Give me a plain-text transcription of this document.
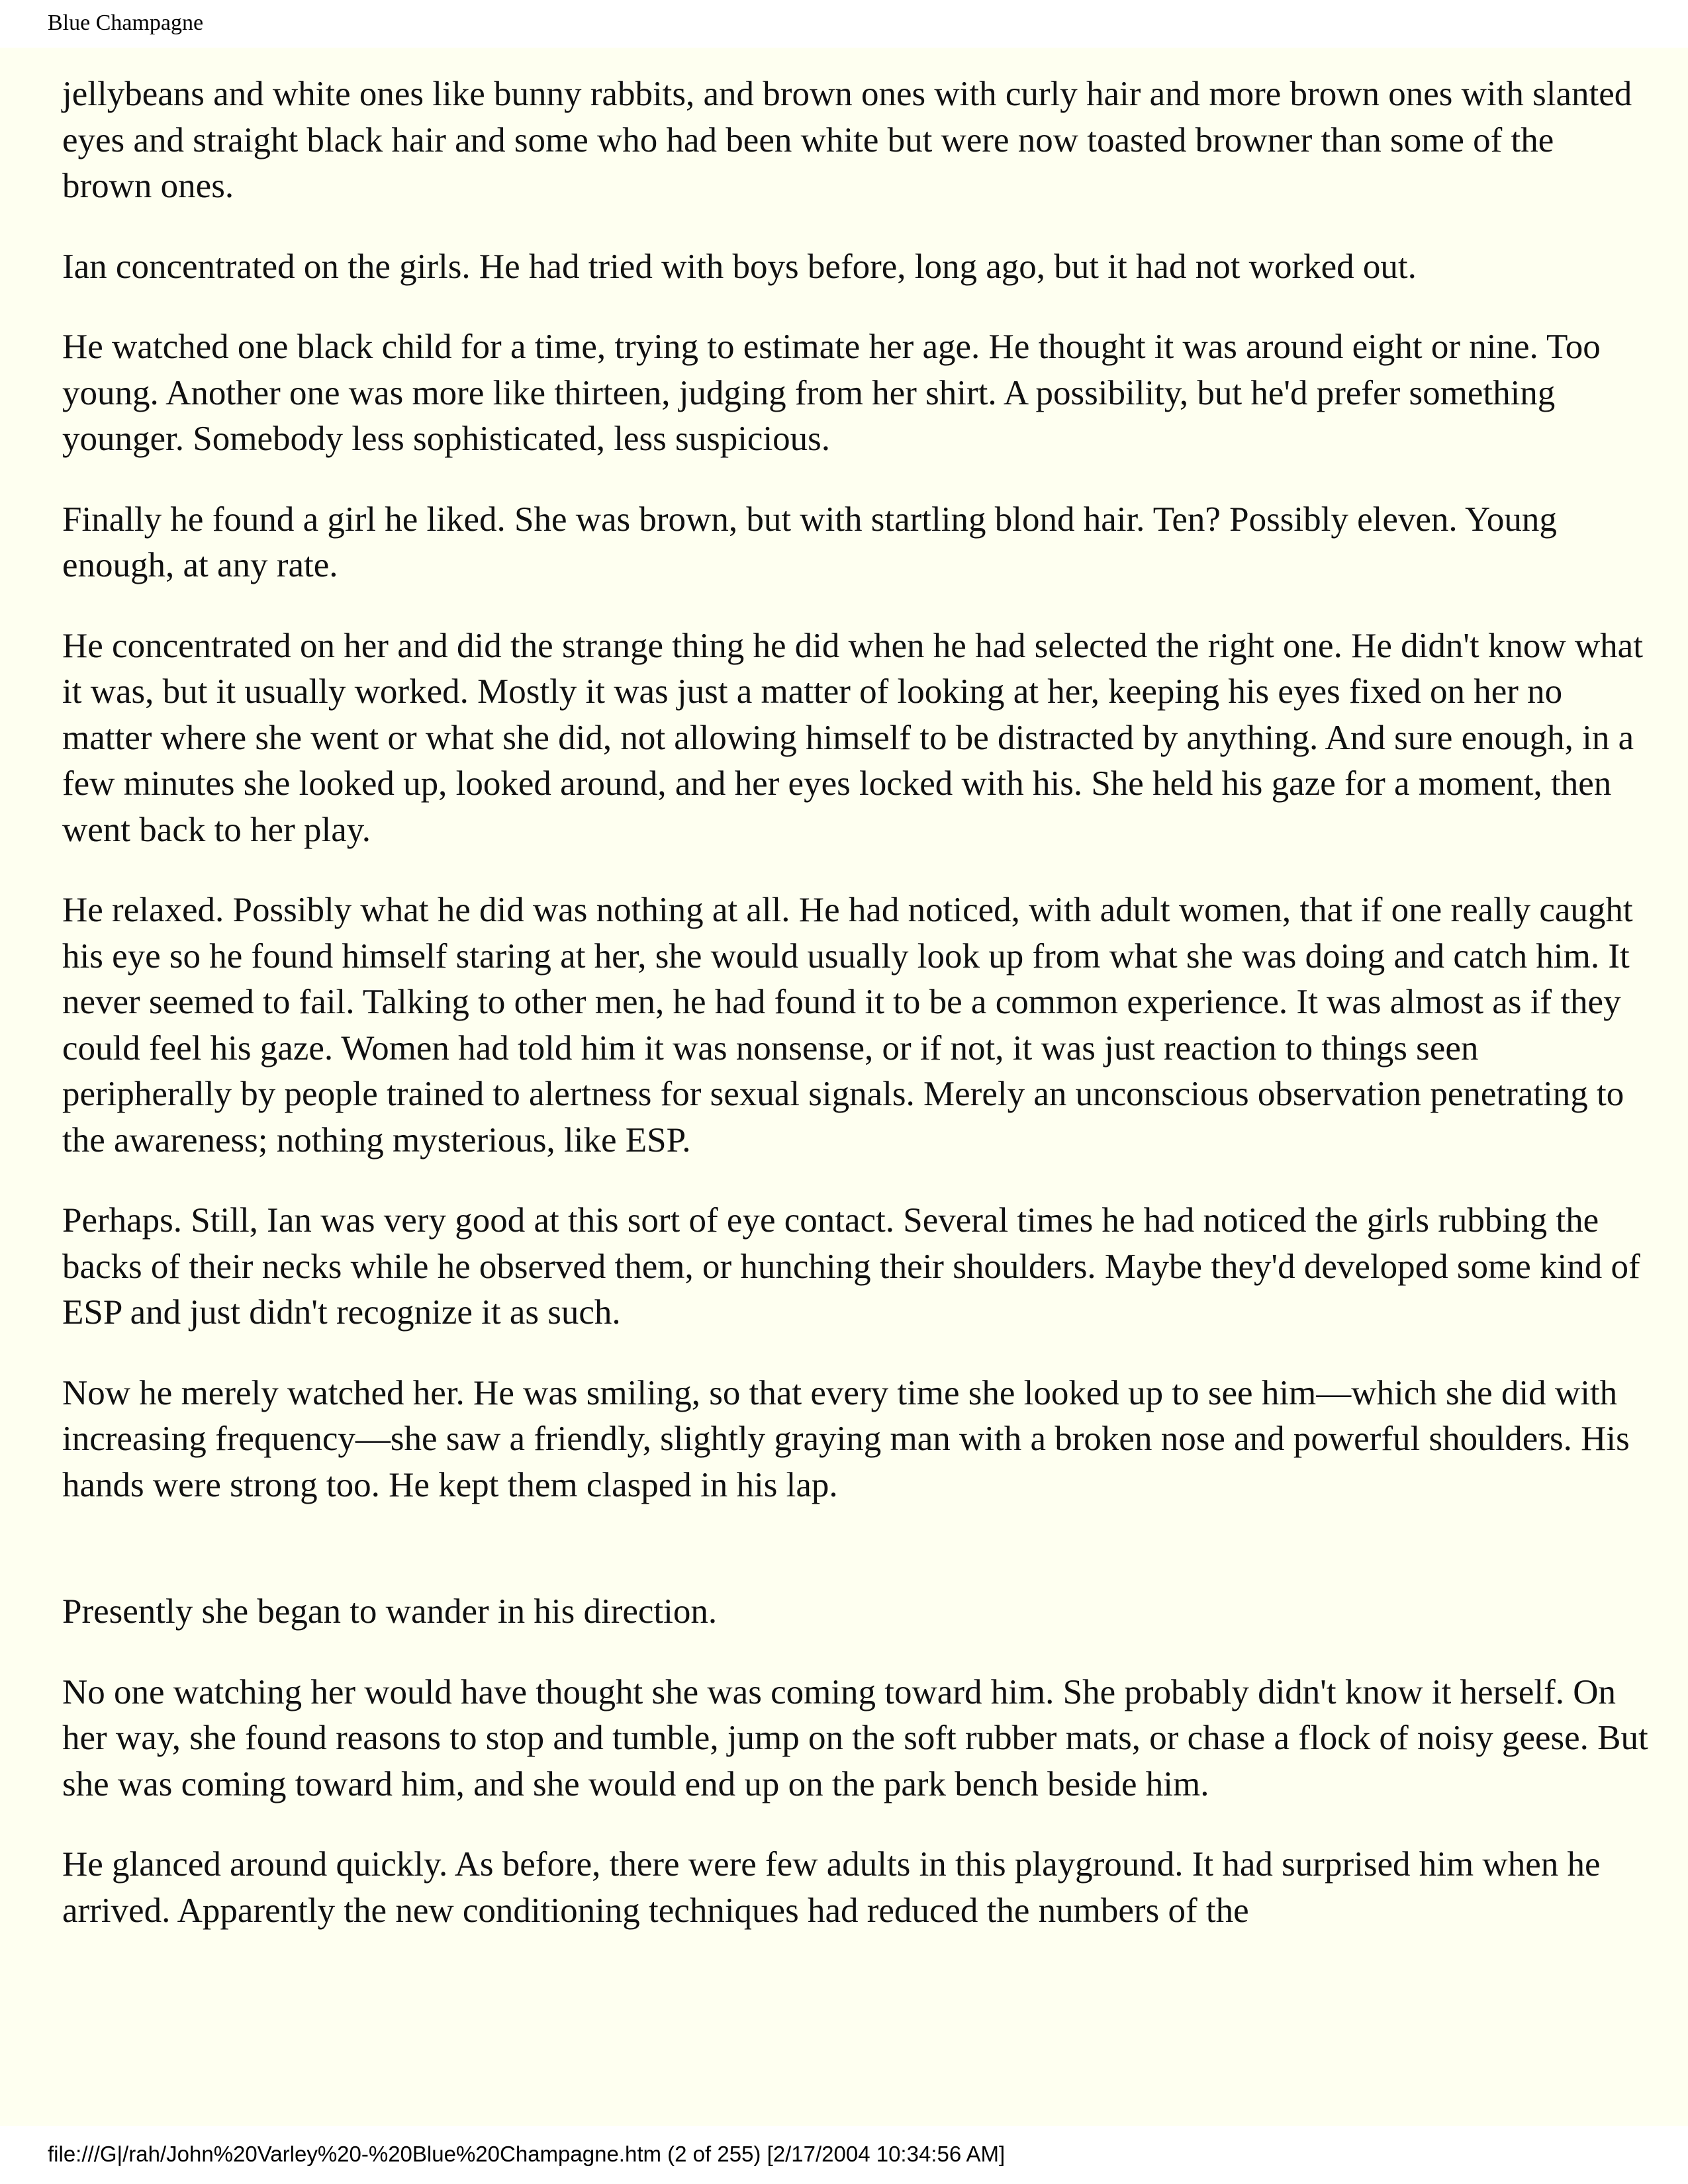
Blue Champagne

jellybeans and white ones like bunny rabbits, and brown ones with curly hair and more brown ones with slanted eyes and straight black hair and some who had been white but were now toasted browner than some of the brown ones.

Ian concentrated on the girls. He had tried with boys before, long ago, but it had not worked out.

He watched one black child for a time, trying to estimate her age. He thought it was around eight or nine. Too young. Another one was more like thirteen, judging from her shirt. A possibility, but he'd prefer something younger. Somebody less sophisticated, less suspicious.

Finally he found a girl he liked. She was brown, but with startling blond hair. Ten? Possibly eleven. Young enough, at any rate.

He concentrated on her and did the strange thing he did when he had selected the right one. He didn't know what it was, but it usually worked. Mostly it was just a matter of looking at her, keeping his eyes fixed on her no matter where she went or what she did, not allowing himself to be distracted by anything. And sure enough, in a few minutes she looked up, looked around, and her eyes locked with his. She held his gaze for a moment, then went back to her play.

He relaxed. Possibly what he did was nothing at all. He had noticed, with adult women, that if one really caught his eye so he found himself staring at her, she would usually look up from what she was doing and catch him. It never seemed to fail. Talking to other men, he had found it to be a common experience. It was almost as if they could feel his gaze. Women had told him it was nonsense, or if not, it was just reaction to things seen peripherally by people trained to alertness for sexual signals. Merely an unconscious observation penetrating to the awareness; nothing mysterious, like ESP.

Perhaps. Still, Ian was very good at this sort of eye contact. Several times he had noticed the girls rubbing the backs of their necks while he observed them, or hunching their shoulders. Maybe they'd developed some kind of ESP and just didn't recognize it as such.

Now he merely watched her. He was smiling, so that every time she looked up to see him—which she did with increasing frequency—she saw a friendly, slightly graying man with a broken nose and powerful shoulders. His hands were strong too. He kept them clasped in his lap.

Presently she began to wander in his direction.

No one watching her would have thought she was coming toward him. She probably didn't know it herself. On her way, she found reasons to stop and tumble, jump on the soft rubber mats, or chase a flock of noisy geese. But she was coming toward him, and she would end up on the park bench beside him.

He glanced around quickly. As before, there were few adults in this playground. It had surprised him when he arrived. Apparently the new conditioning techniques had reduced the numbers of the

file:///G|/rah/John%20Varley%20-%20Blue%20Champagne.htm (2 of 255) [2/17/2004 10:34:56 AM]
